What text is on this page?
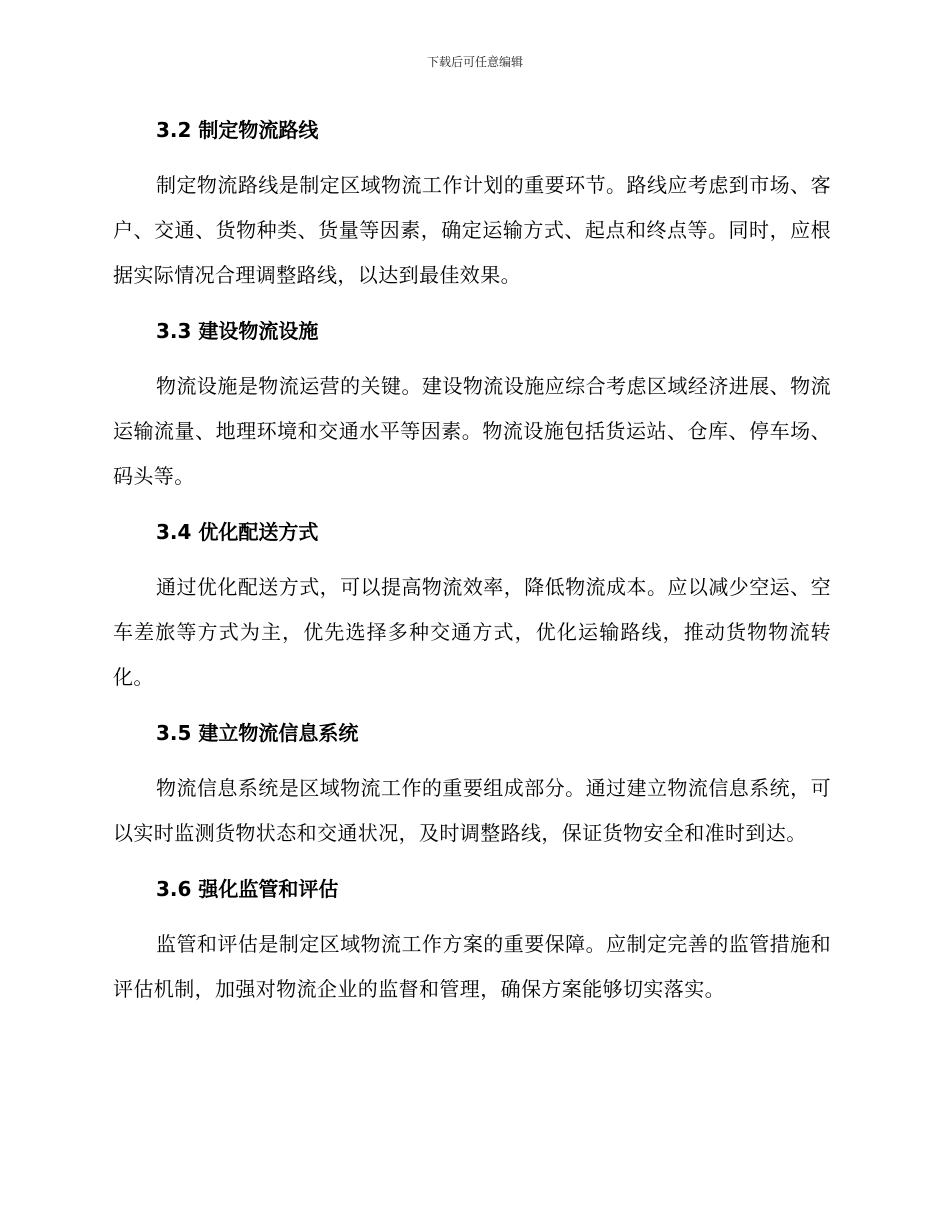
下载后可任意编辑
3.2 制定物流路线

制定物流路线是制定区域物流工作计划的重要环节。路线应考虑到市场、客户、交通、货物种类、货量等因素，确定运输方式、起点和终点等。同时，应根据实际情况合理调整路线，以达到最佳效果。

3.3 建设物流设施

物流设施是物流运营的关键。建设物流设施应综合考虑区域经济进展、物流运输流量、地理环境和交通水平等因素。物流设施包括货运站、仓库、停车场、码头等。

3.4 优化配送方式

通过优化配送方式，可以提高物流效率，降低物流成本。应以减少空运、空车差旅等方式为主，优先选择多种交通方式，优化运输路线，推动货物物流转化。

3.5 建立物流信息系统

物流信息系统是区域物流工作的重要组成部分。通过建立物流信息系统，可以实时监测货物状态和交通状况，及时调整路线，保证货物安全和准时到达。

3.6 强化监管和评估

监管和评估是制定区域物流工作方案的重要保障。应制定完善的监管措施和评估机制，加强对物流企业的监督和管理，确保方案能够切实落实。
